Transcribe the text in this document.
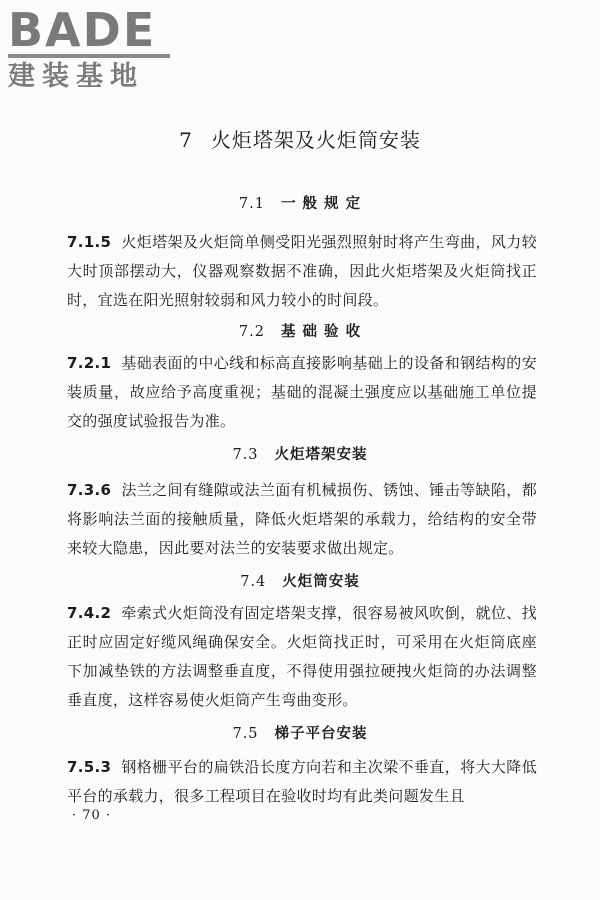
BADE
建装基地
7 火炬塔架及火炬筒安装
7.1 一 般 规 定
7.1.5 火炬塔架及火炬筒单侧受阳光强烈照射时将产生弯曲，风力较大时顶部摆动大，仪器观察数据不准确，因此火炬塔架及火炬筒找正时，宜选在阳光照射较弱和风力较小的时间段。
7.2 基 础 验 收
7.2.1 基础表面的中心线和标高直接影响基础上的设备和钢结构的安装质量，故应给予高度重视；基础的混凝土强度应以基础施工单位提交的强度试验报告为准。
7.3 火炬塔架安装
7.3.6 法兰之间有缝隙或法兰面有机械损伤、锈蚀、锤击等缺陷，都将影响法兰面的接触质量，降低火炬塔架的承载力，给结构的安全带来较大隐患，因此要对法兰的安装要求做出规定。
7.4 火炬筒安装
7.4.2 牵索式火炬筒没有固定塔架支撑，很容易被风吹倒，就位、找正时应固定好缆风绳确保安全。火炬筒找正时，可采用在火炬筒底座下加减垫铁的方法调整垂直度，不得使用强拉硬拽火炬筒的办法调整垂直度，这样容易使火炬筒产生弯曲变形。
7.5 梯子平台安装
7.5.3 钢格栅平台的扁铁沿长度方向若和主次梁不垂直，将大大降低平台的承载力，很多工程项目在验收时均有此类问题发生且
· 70 ·
